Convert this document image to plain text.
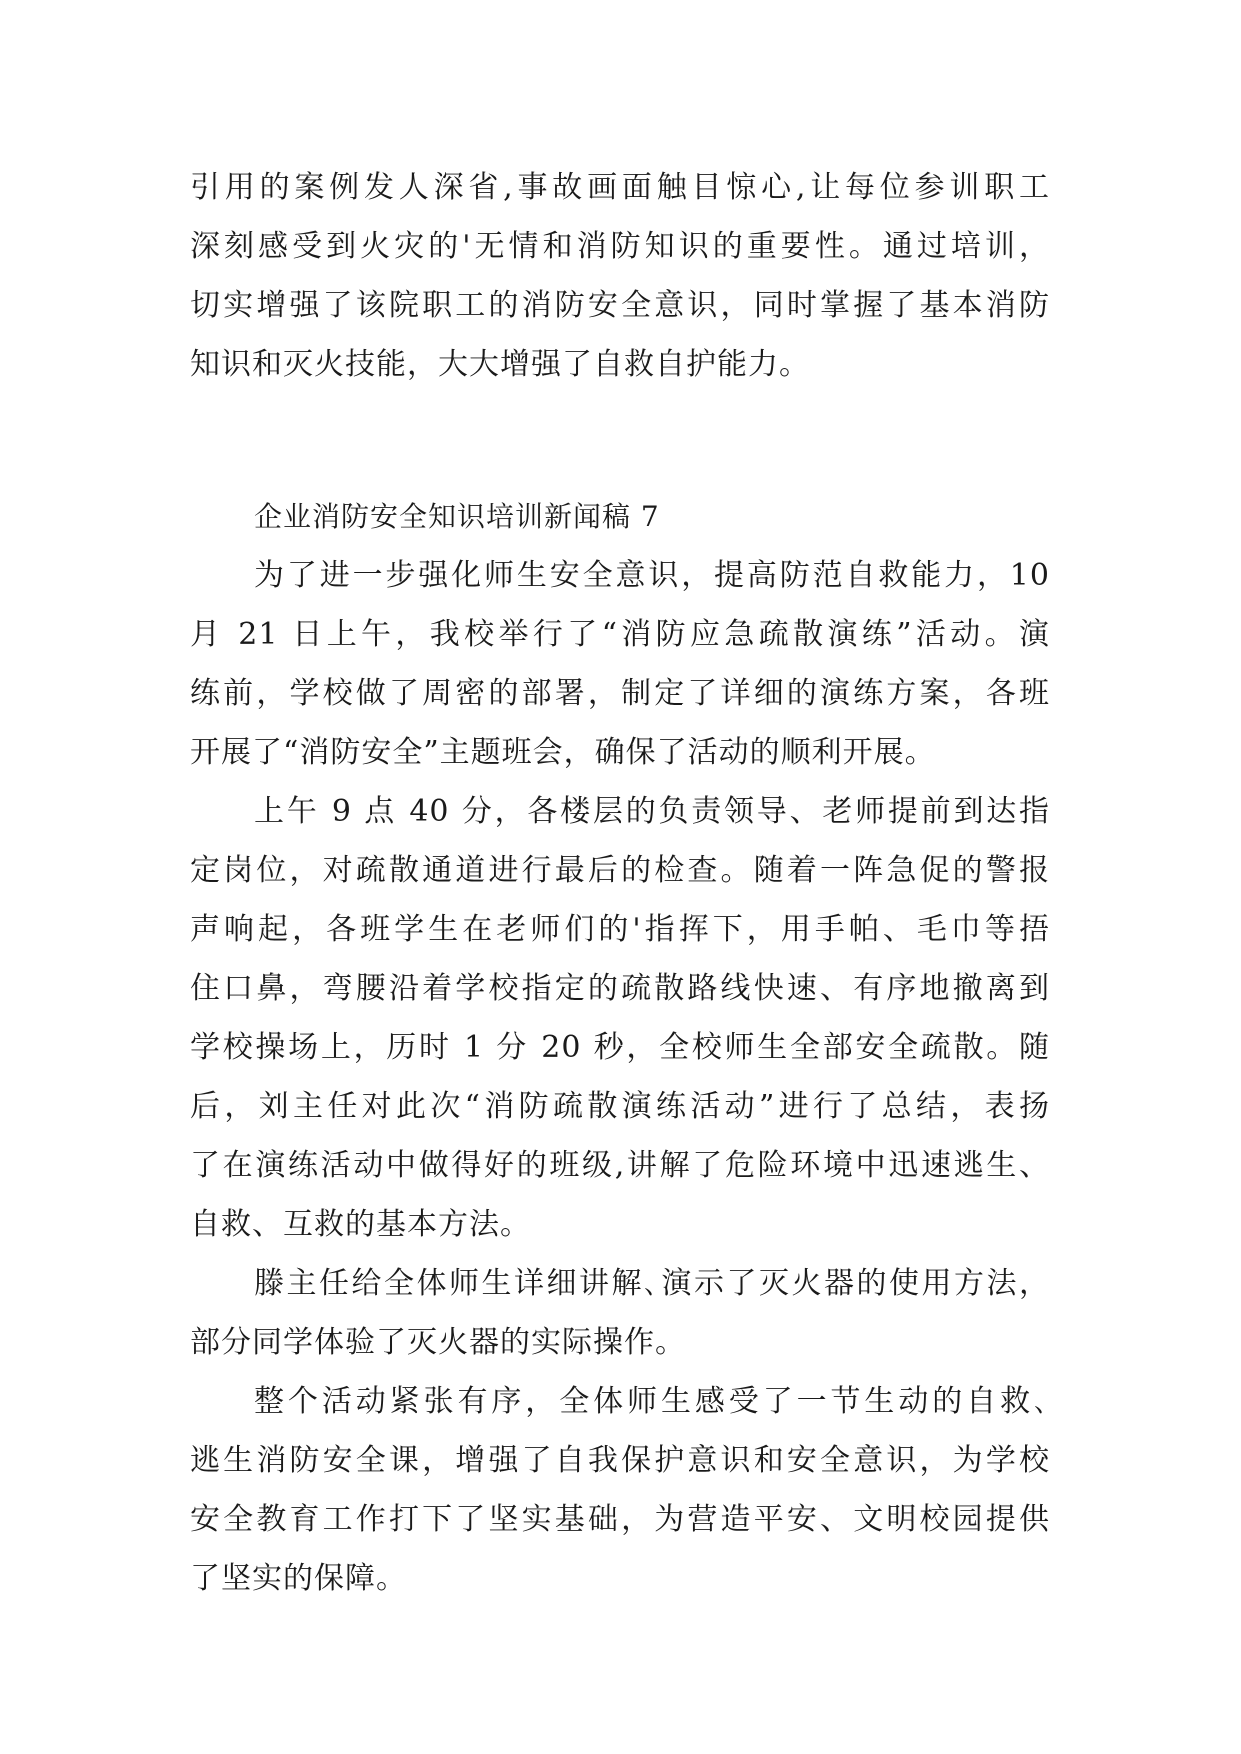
引用的案例发人深省,事故画面触目惊心,让每位参训职工
深刻感受到火灾的'无情和消防知识的重要性。通过培训，
切实增强了该院职工的消防安全意识，同时掌握了基本消防
知识和灭火技能，大大增强了自救自护能力。
企业消防安全知识培训新闻稿 7
为了进一步强化师生安全意识，提高防范自救能力，10
月 21 日上午，我校举行了“消防应急疏散演练”活动。演
练前，学校做了周密的部署，制定了详细的演练方案，各班
开展了“消防安全”主题班会，确保了活动的顺利开展。
上午 9 点 40 分，各楼层的负责领导、老师提前到达指
定岗位，对疏散通道进行最后的检查。随着一阵急促的警报
声响起，各班学生在老师们的'指挥下，用手帕、毛巾等捂
住口鼻，弯腰沿着学校指定的疏散路线快速、有序地撤离到
学校操场上，历时 1 分 20 秒，全校师生全部安全疏散。随
后，刘主任对此次“消防疏散演练活动”进行了总结，表扬
了在演练活动中做得好的班级,讲解了危险环境中迅速逃生、
自救、互救的基本方法。
滕主任给全体师生详细讲解､演示了灭火器的使用方法，
部分同学体验了灭火器的实际操作。
整个活动紧张有序，全体师生感受了一节生动的自救､
逃生消防安全课，增强了自我保护意识和安全意识，为学校
安全教育工作打下了坚实基础，为营造平安、文明校园提供
了坚实的保障。
